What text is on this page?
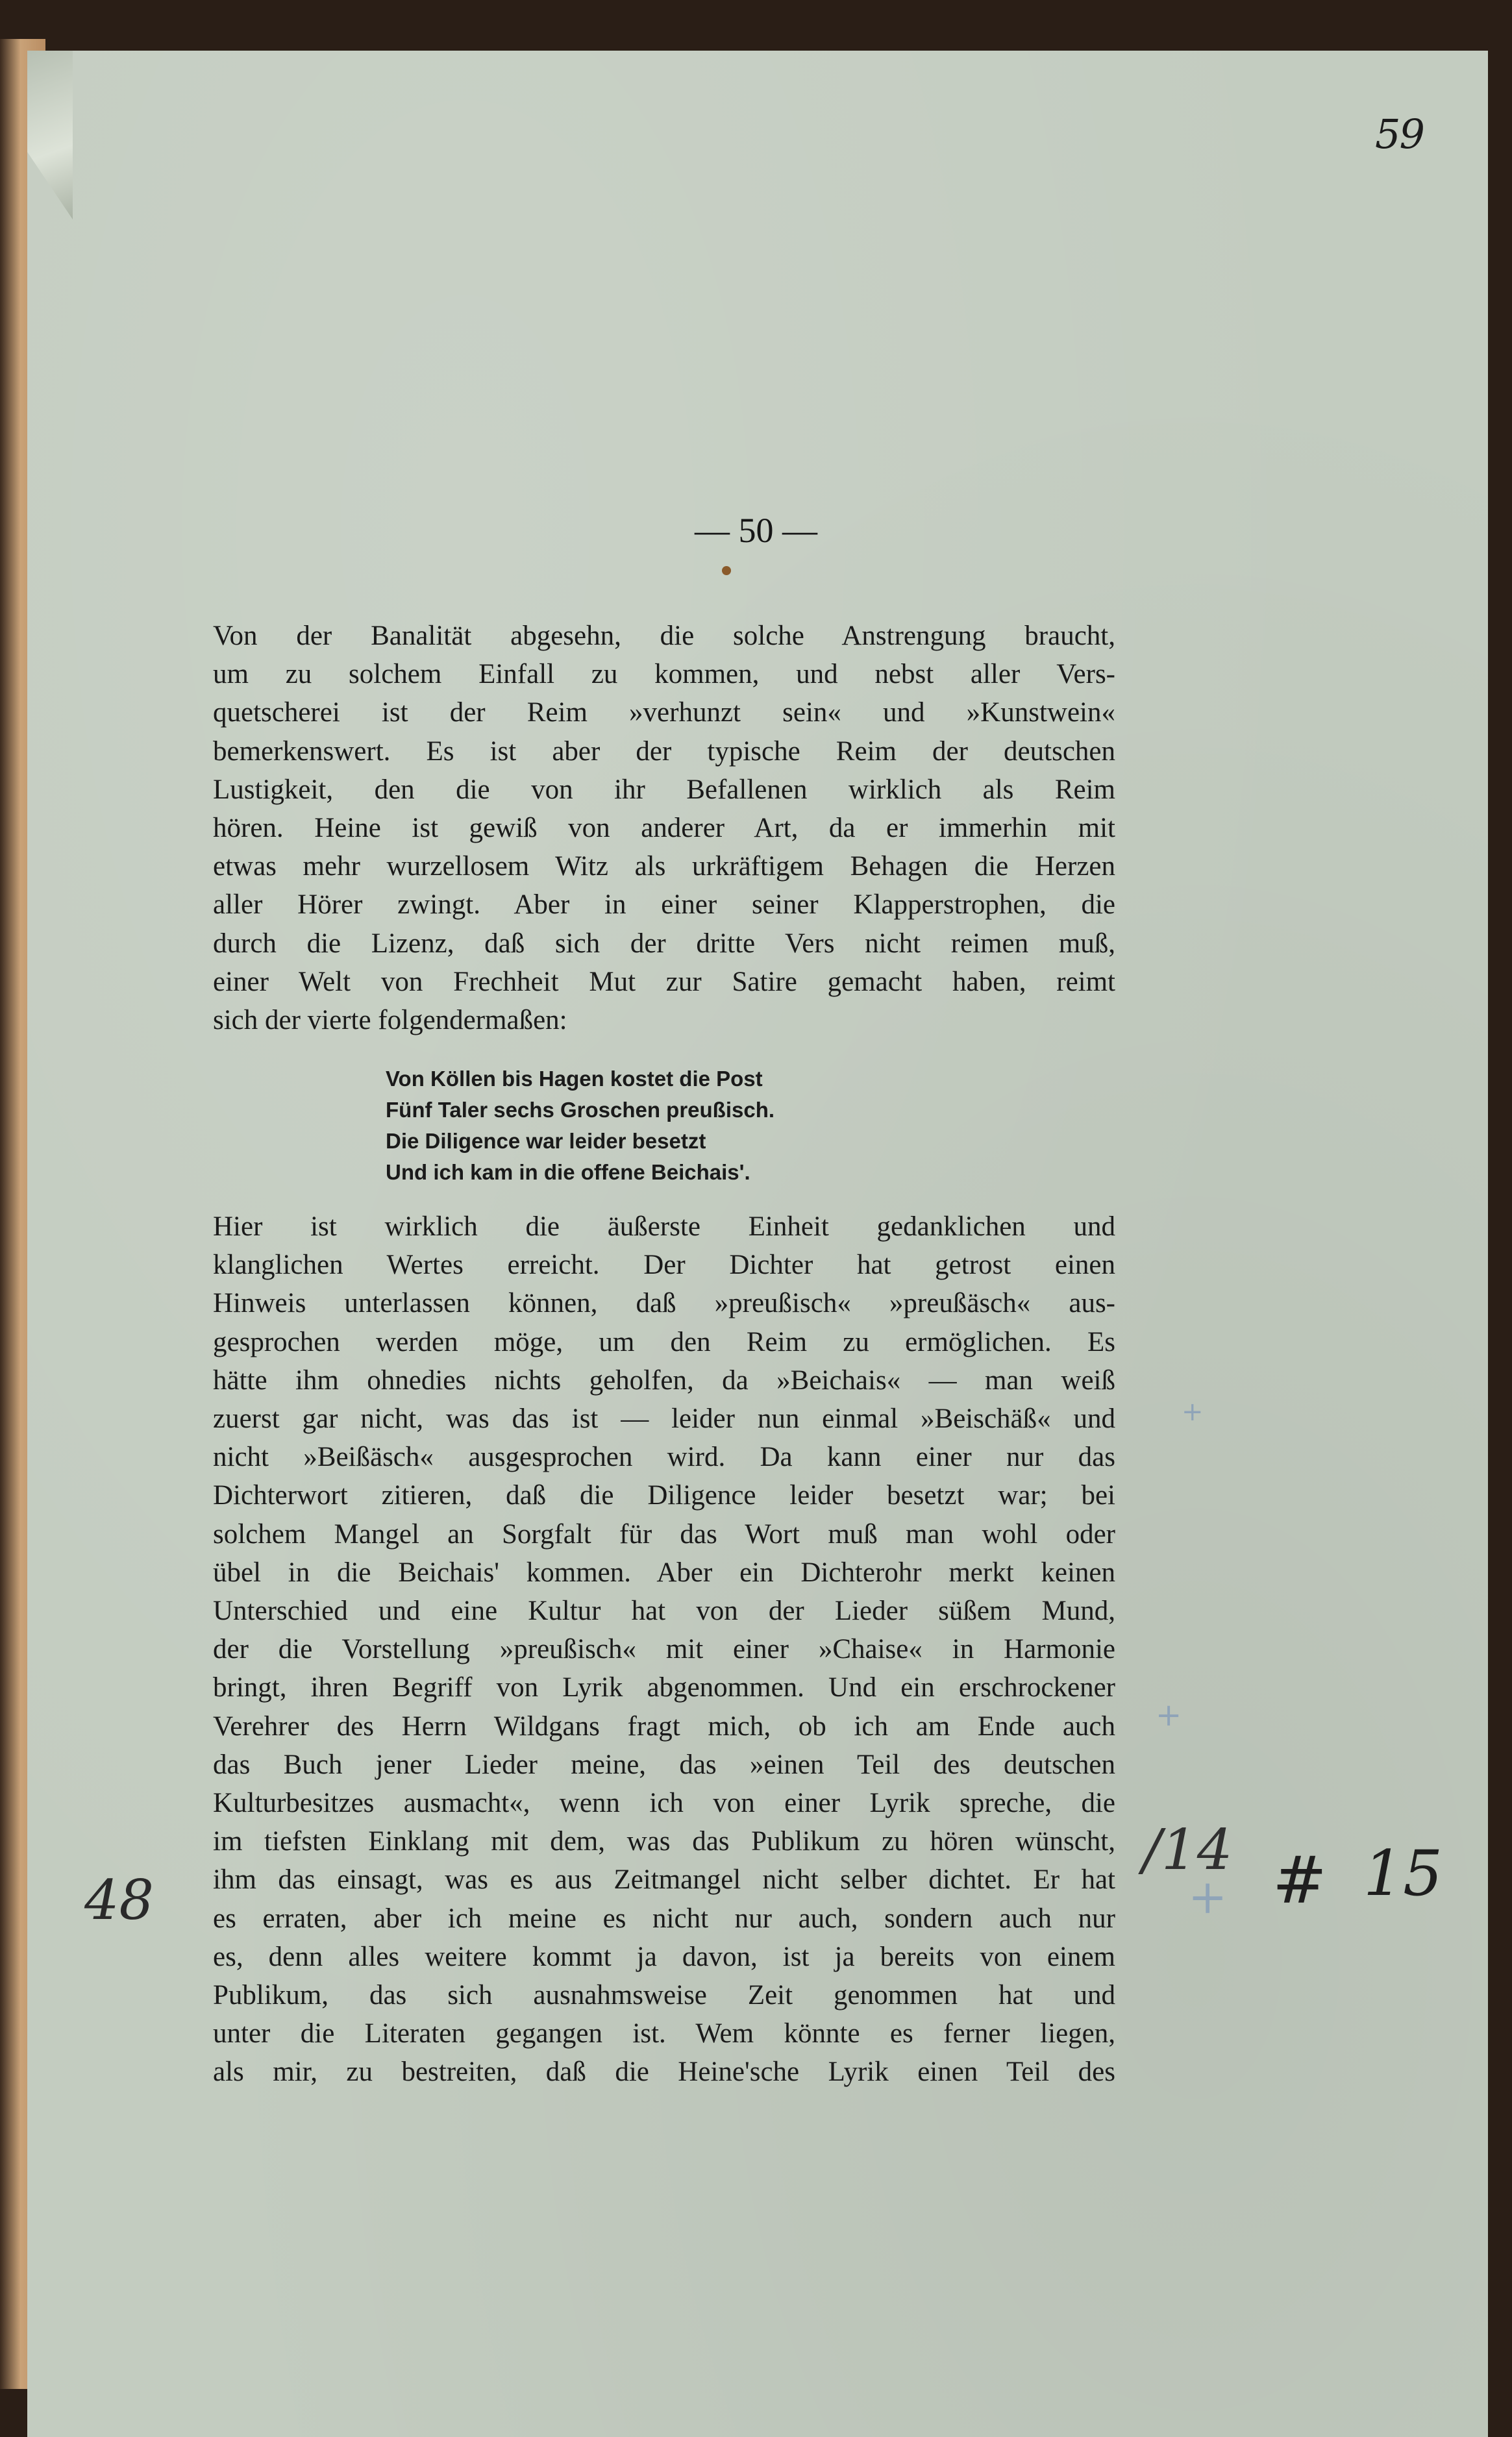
59
— 50 —
Von der Banalität abgesehn, die solche Anstrengung braucht,
um zu solchem Einfall zu kommen, und nebst aller Vers-
quetscherei ist der Reim »verhunzt sein« und »Kunstwein«
bemerkenswert. Es ist aber der typische Reim der deutschen
Lustigkeit, den die von ihr Befallenen wirklich als Reim
hören. Heine ist gewiß von anderer Art, da er immerhin mit
etwas mehr wurzellosem Witz als urkräftigem Behagen die Herzen
aller Hörer zwingt. Aber in einer seiner Klapperstrophen, die
durch die Lizenz, daß sich der dritte Vers nicht reimen muß,
einer Welt von Frechheit Mut zur Satire gemacht haben, reimt
sich der vierte folgendermaßen:
Von Köllen bis Hagen kostet die Post
Fünf Taler sechs Groschen preußisch.
Die Diligence war leider besetzt
Und ich kam in die offene Beichais'.
Hier ist wirklich die äußerste Einheit gedanklichen und
klanglichen Wertes erreicht. Der Dichter hat getrost einen
Hinweis unterlassen können, daß »preußisch« »preußäsch« aus-
gesprochen werden möge, um den Reim zu ermöglichen. Es
hätte ihm ohnedies nichts geholfen, da »Beichais« — man weiß
zuerst gar nicht, was das ist — leider nun einmal »Beischäß« und
nicht »Beißäsch« ausgesprochen wird. Da kann einer nur das
Dichterwort zitieren, daß die Diligence leider besetzt war; bei
solchem Mangel an Sorgfalt für das Wort muß man wohl oder
übel in die Beichais' kommen. Aber ein Dichterohr merkt keinen
Unterschied und eine Kultur hat von der Lieder süßem Mund,
der die Vorstellung »preußisch« mit einer »Chaise« in Harmonie
bringt, ihren Begriff von Lyrik abgenommen. Und ein erschrockener
Verehrer des Herrn Wildgans fragt mich, ob ich am Ende auch
das Buch jener Lieder meine, das »einen Teil des deutschen
Kulturbesitzes ausmacht«, wenn ich von einer Lyrik spreche, die
im tiefsten Einklang mit dem, was das Publikum zu hören wünscht,
ihm das einsagt, was es aus Zeitmangel nicht selber dichtet. Er hat
es erraten, aber ich meine es nicht nur auch, sondern auch nur
es, denn alles weitere kommt ja davon, ist ja bereits von einem
Publikum, das sich ausnahmsweise Zeit genommen hat und
unter die Literaten gegangen ist. Wem könnte es ferner liegen,
als mir, zu bestreiten, daß die Heine'sche Lyrik einen Teil des
48
/14
+ # 15
+
+
